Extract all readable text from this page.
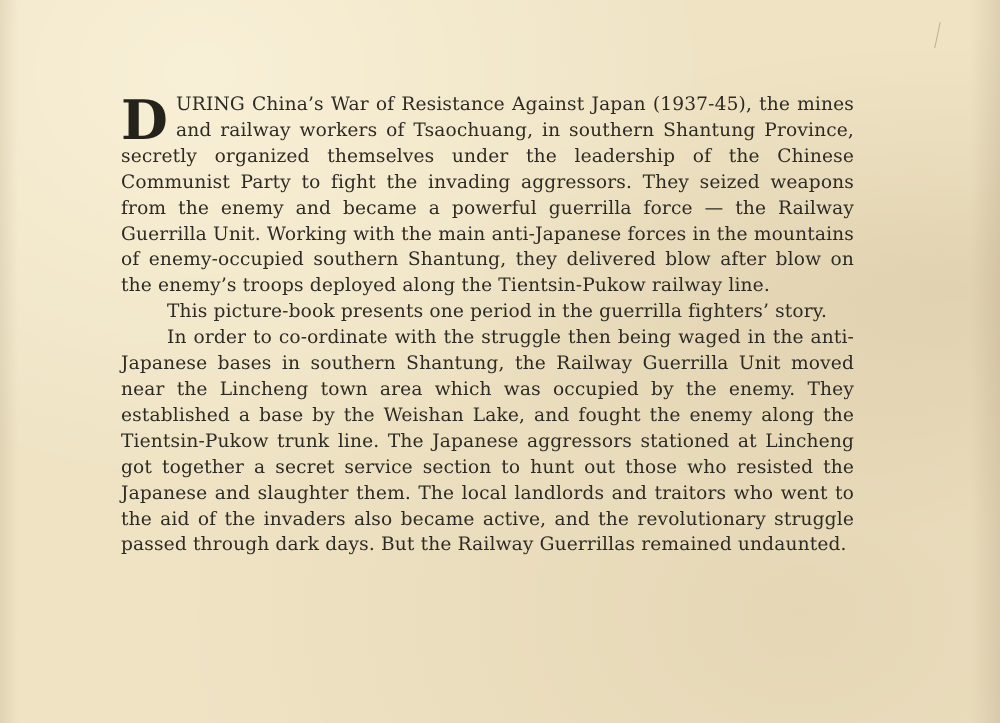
DURING China’s War of Resistance Against Japan (1937-45), the mines and railway workers of Tsaochuang, in southern Shantung Province, secretly organized themselves under the leadership of the Chinese Communist Party to fight the invading aggressors. They seized weapons from the enemy and became a powerful guerrilla force — the Railway Guerrilla Unit. Working with the main anti-Japanese forces in the mountains of enemy-occupied southern Shantung, they delivered blow after blow on the enemy’s troops deployed along the Tientsin-Pukow railway line.

This picture-book presents one period in the guerrilla fighters’ story.

In order to co-ordinate with the struggle then being waged in the anti-Japanese bases in southern Shantung, the Railway Guerrilla Unit moved near the Lincheng town area which was occupied by the enemy. They established a base by the Weishan Lake, and fought the enemy along the Tientsin-Pukow trunk line. The Japanese aggressors stationed at Lincheng got together a secret service section to hunt out those who resisted the Japanese and slaughter them. The local landlords and traitors who went to the aid of the invaders also became active, and the revolutionary struggle passed through dark days. But the Railway Guerrillas remained undaunted.
